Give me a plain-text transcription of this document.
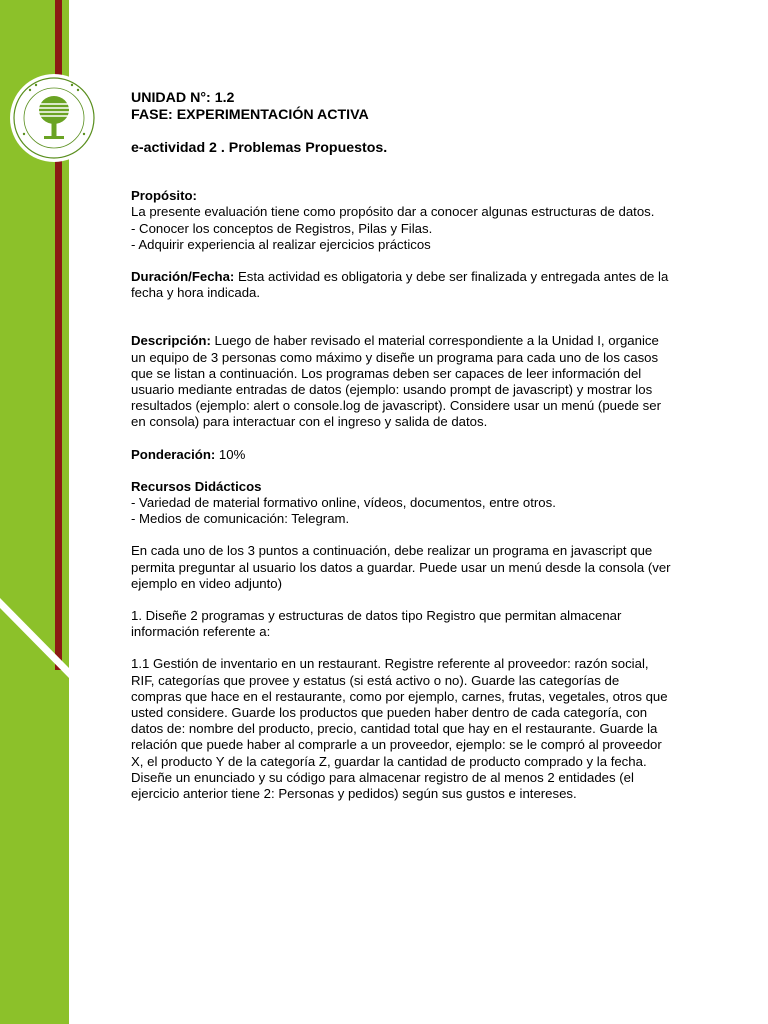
UNIDAD N°: 1.2

FASE: EXPERIMENTACIÓN ACTIVA

e-actividad 2 . Problemas Propuestos.

Propósito:

La presente evaluación tiene como propósito dar a conocer algunas estructuras de datos.

- Conocer los conceptos de Registros, Pilas y Filas.

- Adquirir experiencia al realizar ejercicios prácticos

Duración/Fecha: Esta actividad es obligatoria y debe ser finalizada y entregada antes de la fecha y hora indicada.

Descripción: Luego de haber revisado el material correspondiente a la Unidad I, organice un equipo de 3 personas como máximo y diseñe un programa para cada uno de los casos que se listan a continuación. Los programas deben ser capaces de leer información del usuario mediante entradas de datos (ejemplo: usando prompt de javascript) y mostrar los resultados (ejemplo: alert o console.log de javascript). Considere usar un menú (puede ser en consola) para interactuar con el ingreso y salida de datos.

Ponderación: 10%

Recursos Didácticos

- Variedad de material formativo online, vídeos, documentos, entre otros.

- Medios de comunicación: Telegram.

En cada uno de los 3 puntos a continuación, debe realizar un programa en javascript que permita preguntar al usuario los datos a guardar. Puede usar un menú desde la consola (ver ejemplo en video adjunto)

1. Diseñe 2 programas y estructuras de datos tipo Registro que permitan almacenar información referente a:

1.1 Gestión de inventario en un restaurant. Registre referente al proveedor: razón social, RIF, categorías que provee y estatus (si está activo o no). Guarde las categorías de compras que hace en el restaurante, como por ejemplo, carnes, frutas, vegetales, otros que usted considere. Guarde los productos que pueden haber dentro de cada categoría, con datos de: nombre del producto, precio, cantidad total que hay en el restaurante. Guarde la relación que puede haber al comprarle a un proveedor, ejemplo: se le compró al proveedor X, el producto Y de la categoría Z, guardar la cantidad de producto comprado y la fecha.

Diseñe un enunciado y su código para almacenar registro de al menos 2 entidades (el ejercicio anterior tiene 2: Personas y pedidos) según sus gustos e intereses.
